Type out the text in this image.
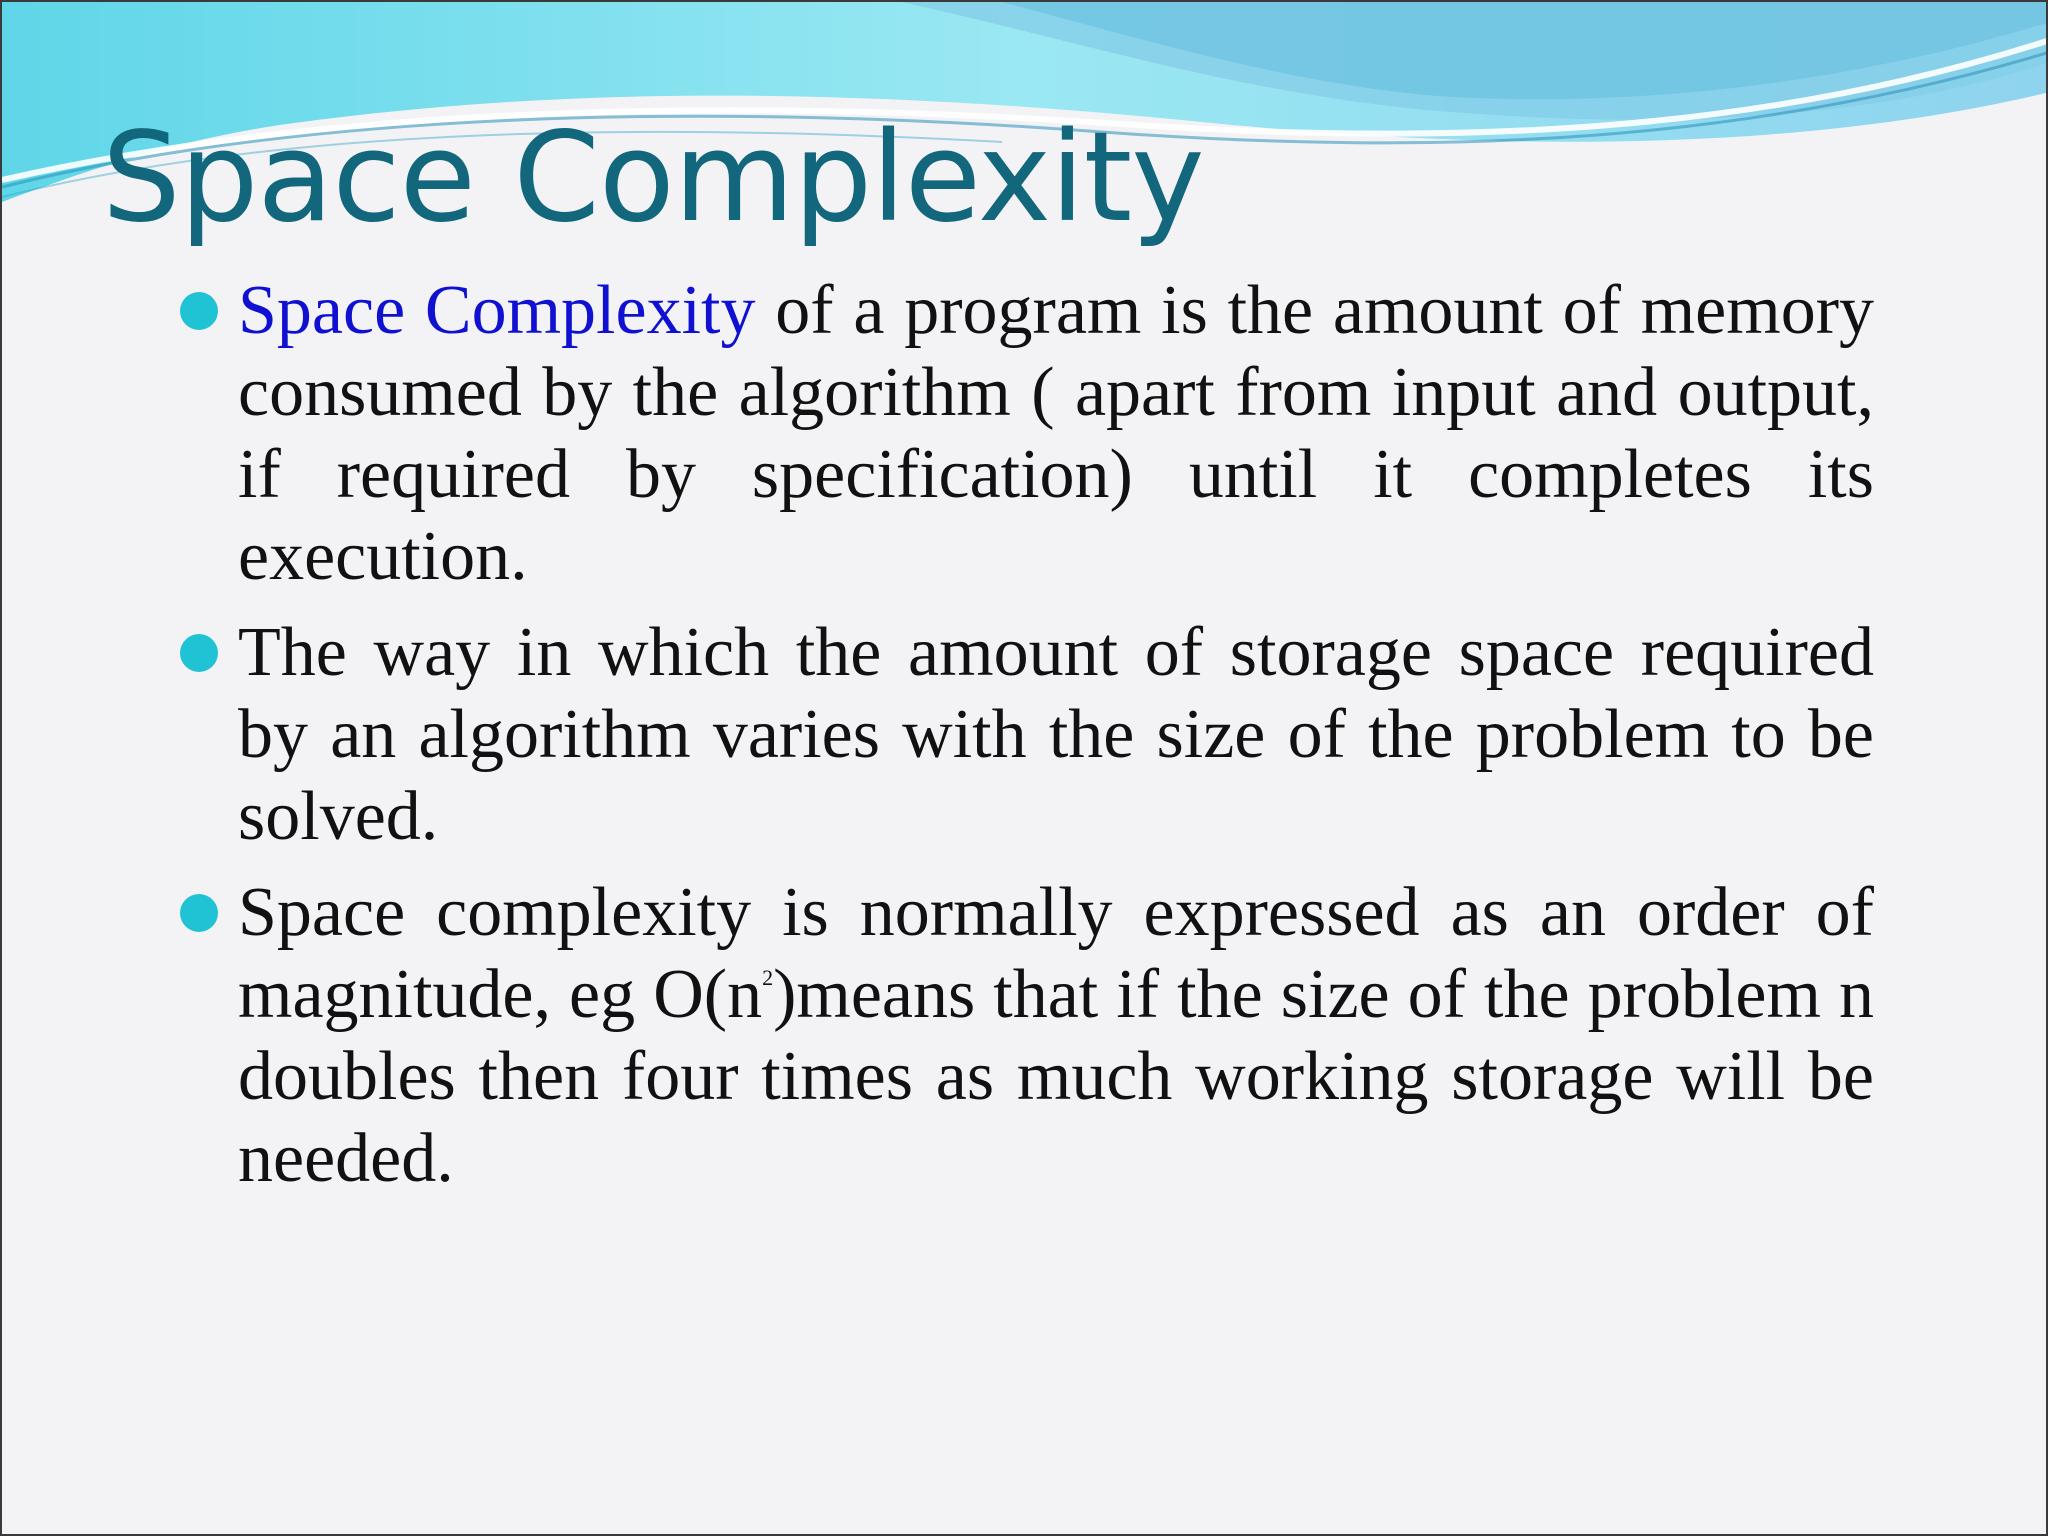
Space Complexity
Space Complexity of a program is the amount of memory consumed by the algorithm ( apart from input and output, if required by specification) until it completes its execution.
The way in which the amount of storage space required by an algorithm varies with the size of the problem to be solved.
Space complexity is normally expressed as an order of magnitude, eg $O(n^2)means$ that if the size of the problem n doubles then four times as much working storage will be needed.
